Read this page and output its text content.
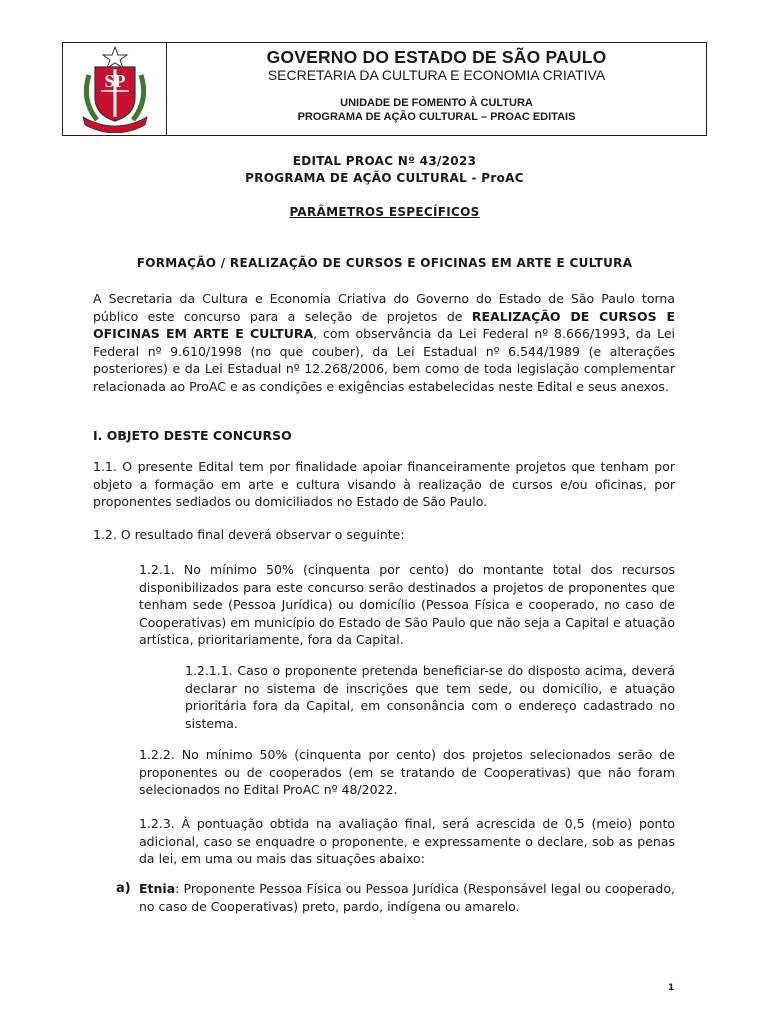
SP
GOVERNO DO ESTADO DE SÃO PAULO
SECRETARIA DA CULTURA E ECONOMIA CRIATIVA
UNIDADE DE FOMENTO À CULTURA
PROGRAMA DE AÇÃO CULTURAL – PROAC EDITAIS
EDITAL PROAC Nº 43/2023
PROGRAMA DE AÇÃO CULTURAL - ProAC
PARÂMETROS ESPECÍFICOS
FORMAÇÃO / REALIZAÇÃO DE CURSOS E OFICINAS EM ARTE E CULTURA
A Secretaria da Cultura e Economia Criativa do Governo do Estado de São Paulo torna público este concurso para a seleção de projetos de REALIZAÇÃO DE CURSOS E OFICINAS EM ARTE E CULTURA, com observância da Lei Federal nº 8.666/1993, da Lei Federal nº 9.610/1998 (no que couber), da Lei Estadual nº 6.544/1989 (e alterações posteriores) e da Lei Estadual nº 12.268/2006, bem como de toda legislação complementar relacionada ao ProAC e as condições e exigências estabelecidas neste Edital e seus anexos.
I. OBJETO DESTE CONCURSO
1.1. O presente Edital tem por finalidade apoiar financeiramente projetos que tenham por objeto a formação em arte e cultura visando à realização de cursos e/ou oficinas, por proponentes sediados ou domiciliados no Estado de São Paulo.
1.2. O resultado final deverá observar o seguinte:
1.2.1. No mínimo 50% (cinquenta por cento) do montante total dos recursos disponibilizados para este concurso serão destinados a projetos de proponentes que tenham sede (Pessoa Jurídica) ou domicílio (Pessoa Física e cooperado, no caso de Cooperativas) em município do Estado de São Paulo que não seja a Capital e atuação artística, prioritariamente, fora da Capital.
1.2.1.1. Caso o proponente pretenda beneficiar-se do disposto acima, deverá declarar no sistema de inscrições que tem sede, ou domicílio, e atuação prioritária fora da Capital, em consonância com o endereço cadastrado no sistema.
1.2.2. No mínimo 50% (cinquenta por cento) dos projetos selecionados serão de proponentes ou de cooperados (em se tratando de Cooperativas) que não foram selecionados no Edital ProAC nº 48/2022.
1.2.3. À pontuação obtida na avaliação final, será acrescida de 0,5 (meio) ponto adicional, caso se enquadre o proponente, e expressamente o declare, sob as penas da lei, em uma ou mais das situações abaixo:
a) Etnia: Proponente Pessoa Física ou Pessoa Jurídica (Responsável legal ou cooperado, no caso de Cooperativas) preto, pardo, indígena ou amarelo.
1
